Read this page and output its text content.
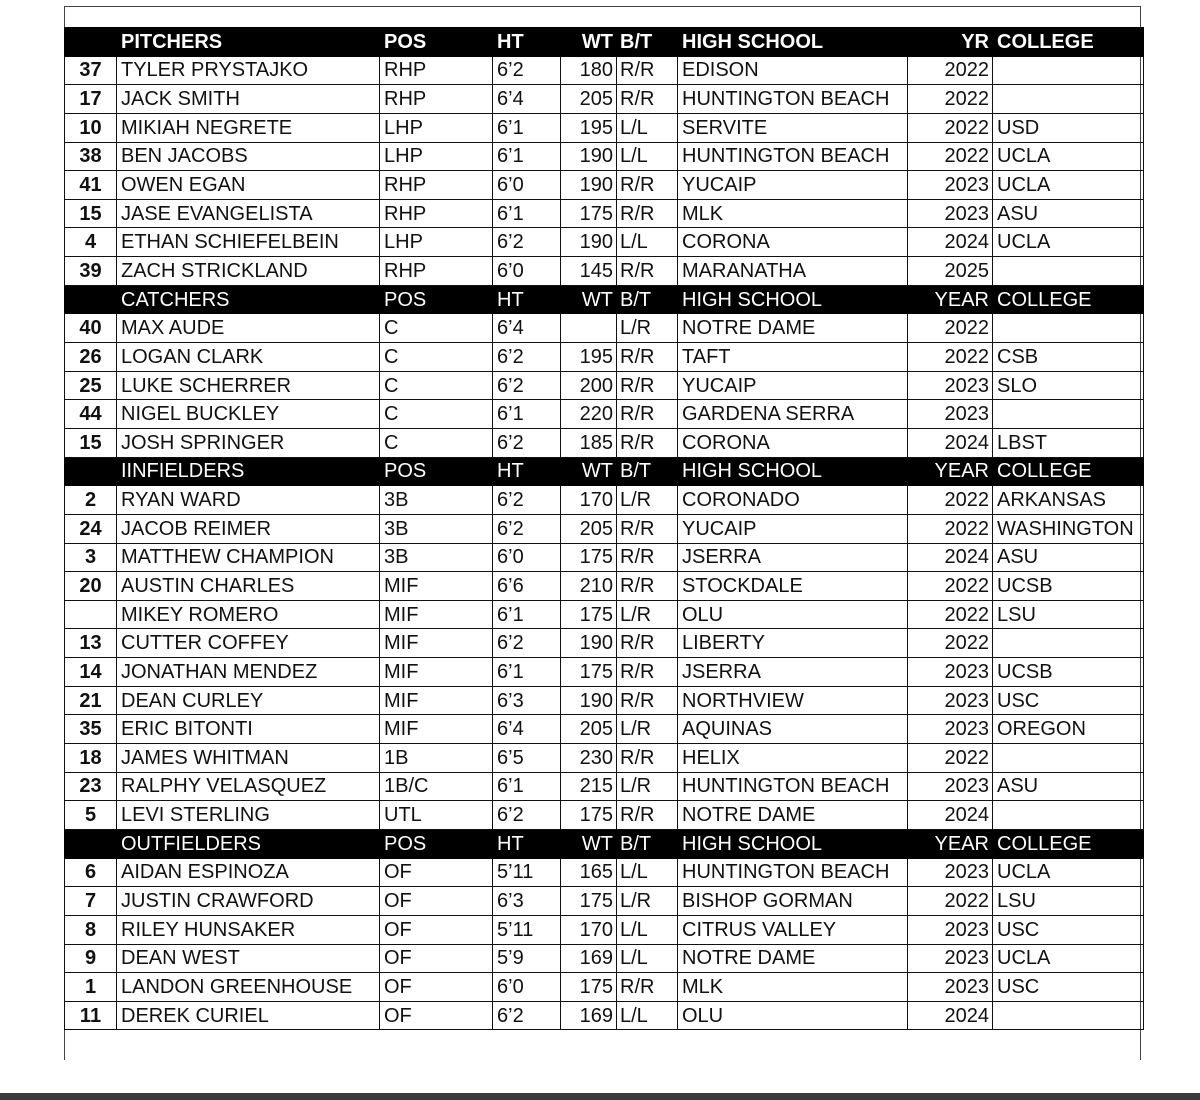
	PITCHERS	POS	HT	WT	B/T	HIGH SCHOOL	YR	COLLEGE
37	TYLER PRYSTAJKO	RHP	6’2	180	R/R	EDISON	2022	
17	JACK SMITH	RHP	6’4	205	R/R	HUNTINGTON BEACH	2022	
10	MIKIAH NEGRETE	LHP	6’1	195	L/L	SERVITE	2022	USD
38	BEN JACOBS	LHP	6’1	190	L/L	HUNTINGTON BEACH	2022	UCLA
41	OWEN EGAN	RHP	6’0	190	R/R	YUCAIP	2023	UCLA
15	JASE EVANGELISTA	RHP	6’1	175	R/R	MLK	2023	ASU
4	ETHAN SCHIEFELBEIN	LHP	6’2	190	L/L	CORONA	2024	UCLA
39	ZACH STRICKLAND	RHP	6’0	145	R/R	MARANATHA	2025	
	CATCHERS	POS	HT	WT	B/T	HIGH SCHOOL	YEAR	COLLEGE
40	MAX AUDE	C	6’4		L/R	NOTRE DAME	2022	
26	LOGAN CLARK	C	6’2	195	R/R	TAFT	2022	CSB
25	LUKE SCHERRER	C	6’2	200	R/R	YUCAIP	2023	SLO
44	NIGEL BUCKLEY	C	6’1	220	R/R	GARDENA SERRA	2023	
15	JOSH SPRINGER	C	6’2	185	R/R	CORONA	2024	LBST
	IINFIELDERS	POS	HT	WT	B/T	HIGH SCHOOL	YEAR	COLLEGE
2	RYAN WARD	3B	6’2	170	L/R	CORONADO	2022	ARKANSAS
24	JACOB REIMER	3B	6’2	205	R/R	YUCAIP	2022	WASHINGTON
3	MATTHEW CHAMPION	3B	6’0	175	R/R	JSERRA	2024	ASU
20	AUSTIN CHARLES	MIF	6’6	210	R/R	STOCKDALE	2022	UCSB
	MIKEY ROMERO	MIF	6’1	175	L/R	OLU	2022	LSU
13	CUTTER COFFEY	MIF	6’2	190	R/R	LIBERTY	2022	
14	JONATHAN MENDEZ	MIF	6’1	175	R/R	JSERRA	2023	UCSB
21	DEAN CURLEY	MIF	6’3	190	R/R	NORTHVIEW	2023	USC
35	ERIC BITONTI	MIF	6’4	205	L/R	AQUINAS	2023	OREGON
18	JAMES WHITMAN	1B	6’5	230	R/R	HELIX	2022	
23	RALPHY VELASQUEZ	1B/C	6’1	215	L/R	HUNTINGTON BEACH	2023	ASU
5	LEVI STERLING	UTL	6’2	175	R/R	NOTRE DAME	2024	
	OUTFIELDERS	POS	HT	WT	B/T	HIGH SCHOOL	YEAR	COLLEGE
6	AIDAN ESPINOZA	OF	5’11	165	L/L	HUNTINGTON BEACH	2023	UCLA
7	JUSTIN CRAWFORD	OF	6’3	175	L/R	BISHOP GORMAN	2022	LSU
8	RILEY HUNSAKER	OF	5’11	170	L/L	CITRUS VALLEY	2023	USC
9	DEAN WEST	OF	5’9	169	L/L	NOTRE DAME	2023	UCLA
1	LANDON GREENHOUSE	OF	6’0	175	R/R	MLK	2023	USC
11	DEREK CURIEL	OF	6’2	169	L/L	OLU	2024	
